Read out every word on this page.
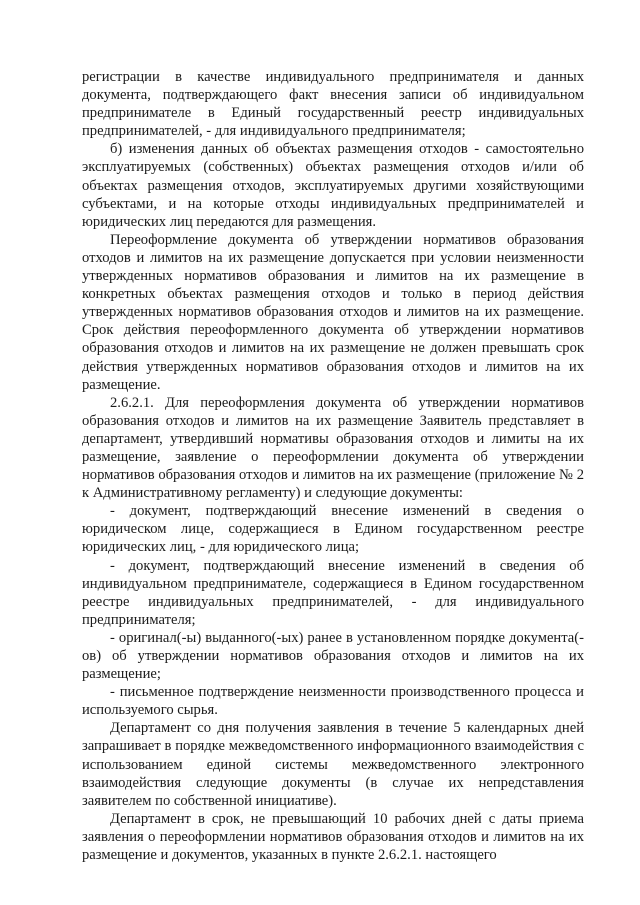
регистрации в качестве индивидуального предпринимателя и данных документа, подтверждающего факт внесения записи об индивидуальном предпринимателе в Единый государственный реестр индивидуальных предпринимателей, - для индивидуального предпринимателя;

б) изменения данных об объектах размещения отходов - самостоятельно эксплуатируемых (собственных) объектах размещения отходов и/или об объектах размещения отходов, эксплуатируемых другими хозяйствующими субъектами, и на которые отходы индивидуальных предпринимателей и юридических лиц передаются для размещения.

Переоформление документа об утверждении нормативов образования отходов и лимитов на их размещение допускается при условии неизменности утвержденных нормативов образования и лимитов на их размещение в конкретных объектах размещения отходов и только в период действия утвержденных нормативов образования отходов и лимитов на их размещение. Срок действия переоформленного документа об утверждении нормативов образования отходов и лимитов на их размещение не должен превышать срок действия утвержденных нормативов образования отходов и лимитов на их размещение.

2.6.2.1. Для переоформления документа об утверждении нормативов образования отходов и лимитов на их размещение Заявитель представляет в департамент, утвердивший нормативы образования отходов и лимиты на их размещение, заявление о переоформлении документа об утверждении нормативов образования отходов и лимитов на их размещение (приложение № 2 к Административному регламенту) и следующие документы:

- документ, подтверждающий внесение изменений в сведения о юридическом лице, содержащиеся в Едином государственном реестре юридических лиц, - для юридического лица;

- документ, подтверждающий внесение изменений в сведения об индивидуальном предпринимателе, содержащиеся в Едином государственном реестре индивидуальных предпринимателей, - для индивидуального предпринимателя;

- оригинал(-ы) выданного(-ых) ранее в установленном порядке документа(-ов) об утверждении нормативов образования отходов и лимитов на их размещение;

- письменное подтверждение неизменности производственного процесса и используемого сырья.

Департамент со дня получения заявления в течение 5 календарных дней запрашивает в порядке межведомственного информационного взаимодействия с использованием единой системы межведомственного электронного взаимодействия следующие документы (в случае их непредставления заявителем по собственной инициативе).

Департамент в срок, не превышающий 10 рабочих дней с даты приема заявления о переоформлении нормативов образования отходов и лимитов на их размещение и документов, указанных в пункте 2.6.2.1. настоящего
